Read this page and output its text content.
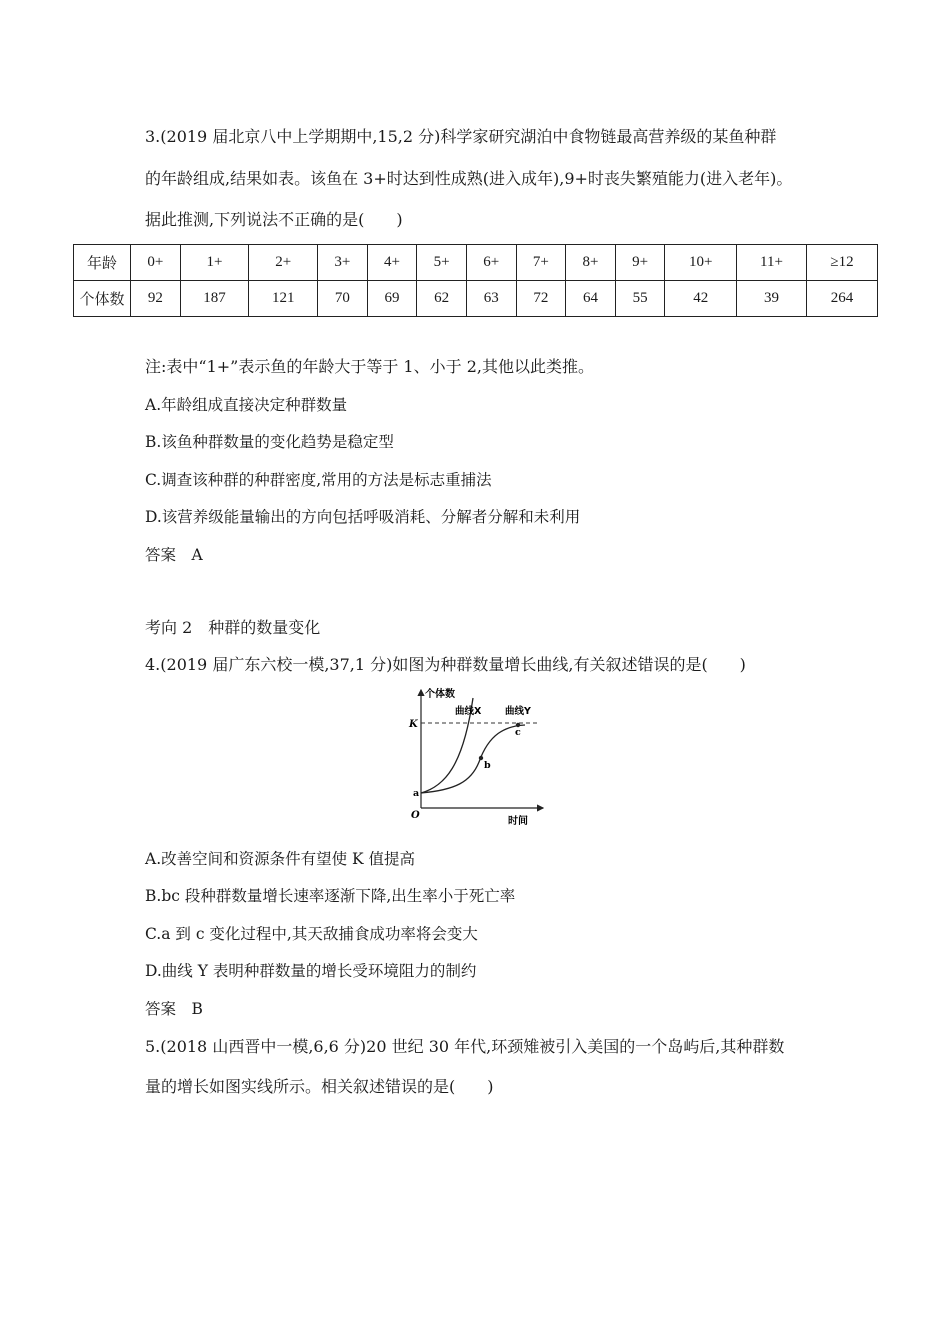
3.(2019 届北京八中上学期期中,15,2 分)科学家研究湖泊中食物链最高营养级的某鱼种群
的年龄组成,结果如表。该鱼在 3+时达到性成熟(进入成年),9+时丧失繁殖能力(进入老年)。
据此推测,下列说法不正确的是(　　)
年龄	0+	1+	2+	3+	4+	5+	6+	7+	8+	9+	10+	11+	≥12
个体数	92	187	121	70	69	62	63	72	64	55	42	39	264
注:表中“1+”表示鱼的年龄大于等于 1、小于 2,其他以此类推。
A.年龄组成直接决定种群数量
B.该鱼种群数量的变化趋势是稳定型
C.调查该种群的种群密度,常用的方法是标志重捕法
D.该营养级能量输出的方向包括呼吸消耗、分解者分解和未利用
答案　A
考向 2　种群的数量变化
4.(2019 届广东六校一模,37,1 分)如图为种群数量增长曲线,有关叙述错误的是(　　)
个体数
时间
K
O
曲线X 曲线Y
a
b
c
A.改善空间和资源条件有望使 K 值提高
B.bc 段种群数量增长速率逐渐下降,出生率小于死亡率
C.a 到 c 变化过程中,其天敌捕食成功率将会变大
D.曲线 Y 表明种群数量的增长受环境阻力的制约
答案　B
5.(2018 山西晋中一模,6,6 分)20 世纪 30 年代,环颈雉被引入美国的一个岛屿后,其种群数
量的增长如图实线所示。相关叙述错误的是(　　)
